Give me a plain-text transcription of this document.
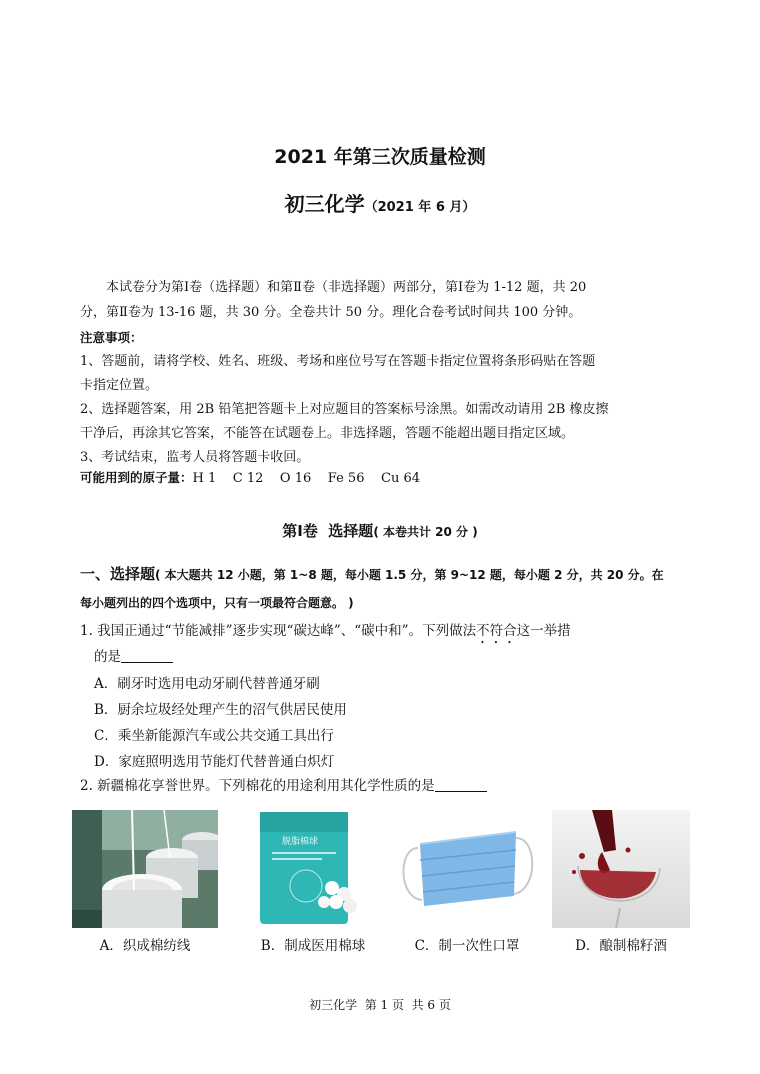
2021 年第三次质量检测
初三化学（2021 年 6 月）
本试卷分为第Ⅰ卷（选择题）和第Ⅱ卷（非选择题）两部分，第Ⅰ卷为 1-12 题，共 20
分，第Ⅱ卷为 13-16 题，共 30 分。全卷共计 50 分。理化合卷考试时间共 100 分钟。
注意事项：
1、答题前，请将学校、姓名、班级、考场和座位号写在答题卡指定位置将条形码贴在答题
卡指定位置。
2、选择题答案，用 2B 铅笔把答题卡上对应题目的答案标号涂黑。如需改动请用 2B 橡皮擦
干净后，再涂其它答案，不能答在试题卷上。非选择题，答题不能超出题目指定区域。
3、考试结束，监考人员将答题卡收回。
可能用到的原子量：H 1    C 12    O 16    Fe 56    Cu 64
第Ⅰ卷  选择题( 本卷共计 20 分 )
一、选择题( 本大题共 12 小题，第 1~8 题，每小题 1.5 分，第 9~12 题，每小题 2 分，共 20 分。在
每小题列出的四个选项中，只有一项最符合题意。 )
1. 我国正通过“节能减排”逐步实现“碳达峰”、“碳中和”。下列做法不符合这一举措
的是
A．刷牙时选用电动牙刷代替普通牙刷
B．厨余垃圾经处理产生的沼气供居民使用
C．乘坐新能源汽车或公共交通工具出行
D．家庭照明选用节能灯代替普通白炽灯
2. 新疆棉花享誉世界。下列棉花的用途利用其化学性质的是
A．织成棉纺线
脱脂棉球
B．制成医用棉球	C．制一次性口罩	D．酿制棉籽酒
初三化学  第 1 页  共 6 页
